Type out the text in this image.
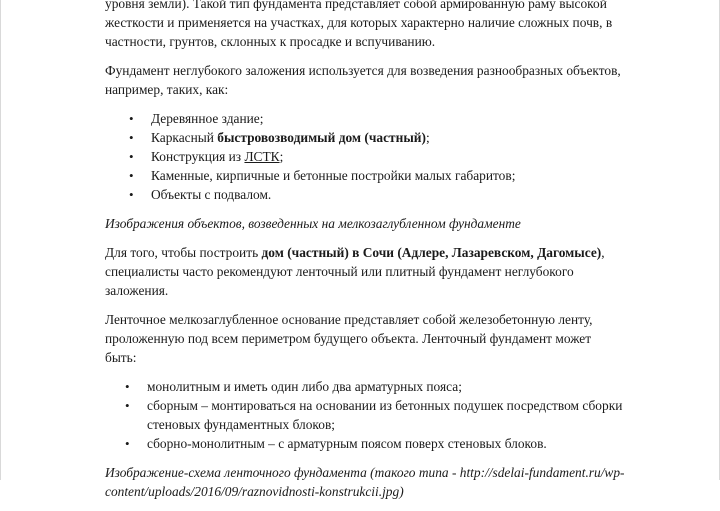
уровня земли). Такой тип фундамента представляет собой армированную раму высокой
жесткости и применяется на участках, для которых характерно наличие сложных почв, в
частности, грунтов, склонных к просадке и вспучиванию.

Фундамент неглубокого заложения используется для возведения разнообразных объектов,
например, таких, как:

• Деревянное здание;
• Каркасный быстровозводимый дом (частный);
• Конструкция из ЛСТК;
• Каменные, кирпичные и бетонные постройки малых габаритов;
• Объекты с подвалом.

Изображения объектов, возведенных на мелкозаглубленном фундаменте

Для того, чтобы построить дом (частный) в Сочи (Адлере, Лазаревском, Дагомысе),
специалисты часто рекомендуют ленточный или плитный фундамент неглубокого
заложения.

Ленточное мелкозаглубленное основание представляет собой железобетонную ленту,
проложенную под всем периметром будущего объекта. Ленточный фундамент может
быть:

• монолитным и иметь один либо два арматурных пояса;
• сборным – монтироваться на основании из бетонных подушек посредством сборки
стеновых фундаментных блоков;
• сборно-монолитным – с арматурным поясом поверх стеновых блоков.

Изображение-схема ленточного фундамента (такого типа - http://sdelai-fundament.ru/wp-
content/uploads/2016/09/raznovidnosti-konstrukcii.jpg)
